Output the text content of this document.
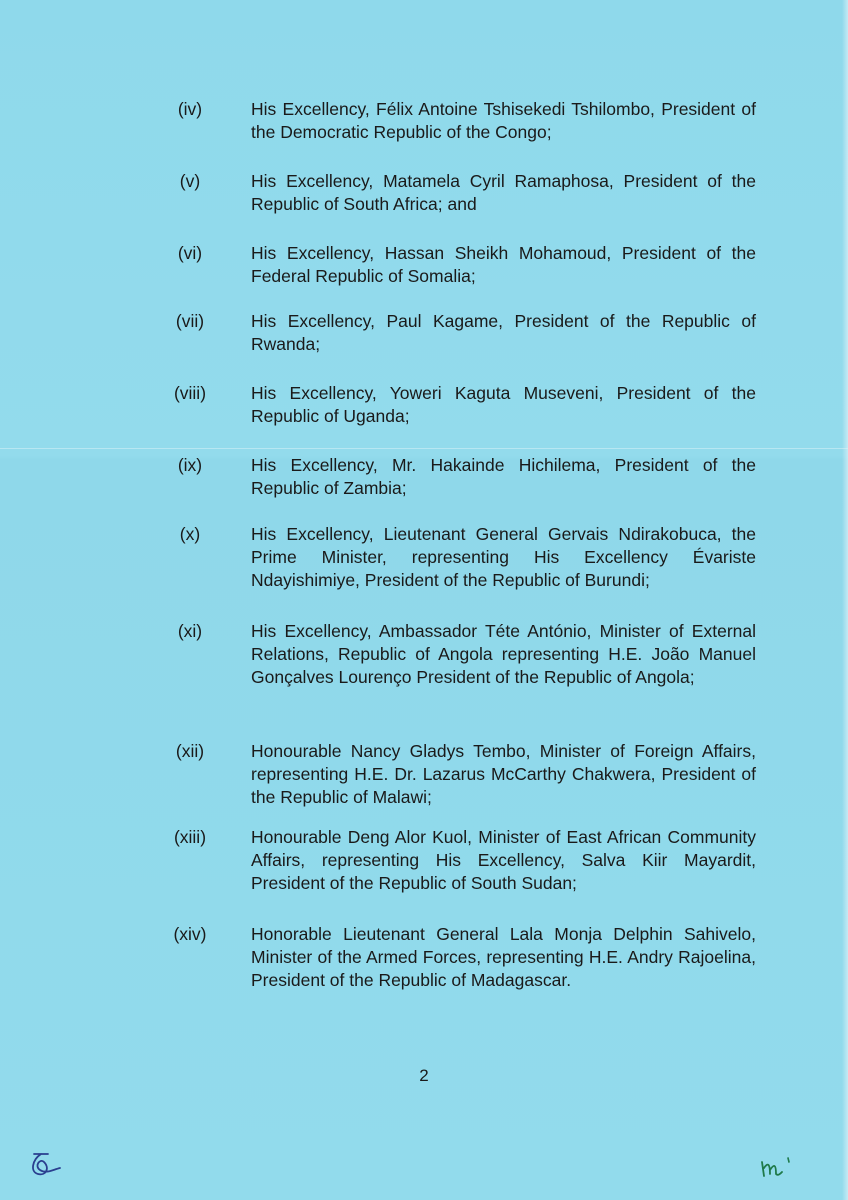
(iv)	His Excellency, Félix Antoine Tshisekedi Tshilombo, President of the Democratic Republic of the Congo;
(v)	His Excellency, Matamela Cyril Ramaphosa, President of the Republic of South Africa; and
(vi)	His Excellency, Hassan Sheikh Mohamoud, President of the Federal Republic of Somalia;
(vii)	His Excellency, Paul Kagame, President of the Republic of Rwanda;
(viii)	His Excellency, Yoweri Kaguta Museveni, President of the Republic of Uganda;
(ix)	His Excellency, Mr. Hakainde Hichilema, President of the Republic of Zambia;
(x)	His Excellency, Lieutenant General Gervais Ndirakobuca, the Prime Minister, representing His Excellency Évariste Ndayishimiye, President of the Republic of Burundi;
(xi)	His Excellency, Ambassador Téte António, Minister of External Relations, Republic of Angola representing H.E. João Manuel Gonçalves Lourenço President of the Republic of Angola;
(xii)	Honourable Nancy Gladys Tembo, Minister of Foreign Affairs, representing H.E. Dr. Lazarus McCarthy Chakwera, President of the Republic of Malawi;
(xiii)	Honourable Deng Alor Kuol, Minister of East African Community Affairs, representing His Excellency, Salva Kiir Mayardit, President of the Republic of South Sudan;
(xiv)	Honorable Lieutenant General Lala Monja Delphin Sahivelo, Minister of the Armed Forces, representing H.E. Andry Rajoelina, President of the Republic of Madagascar.
2
